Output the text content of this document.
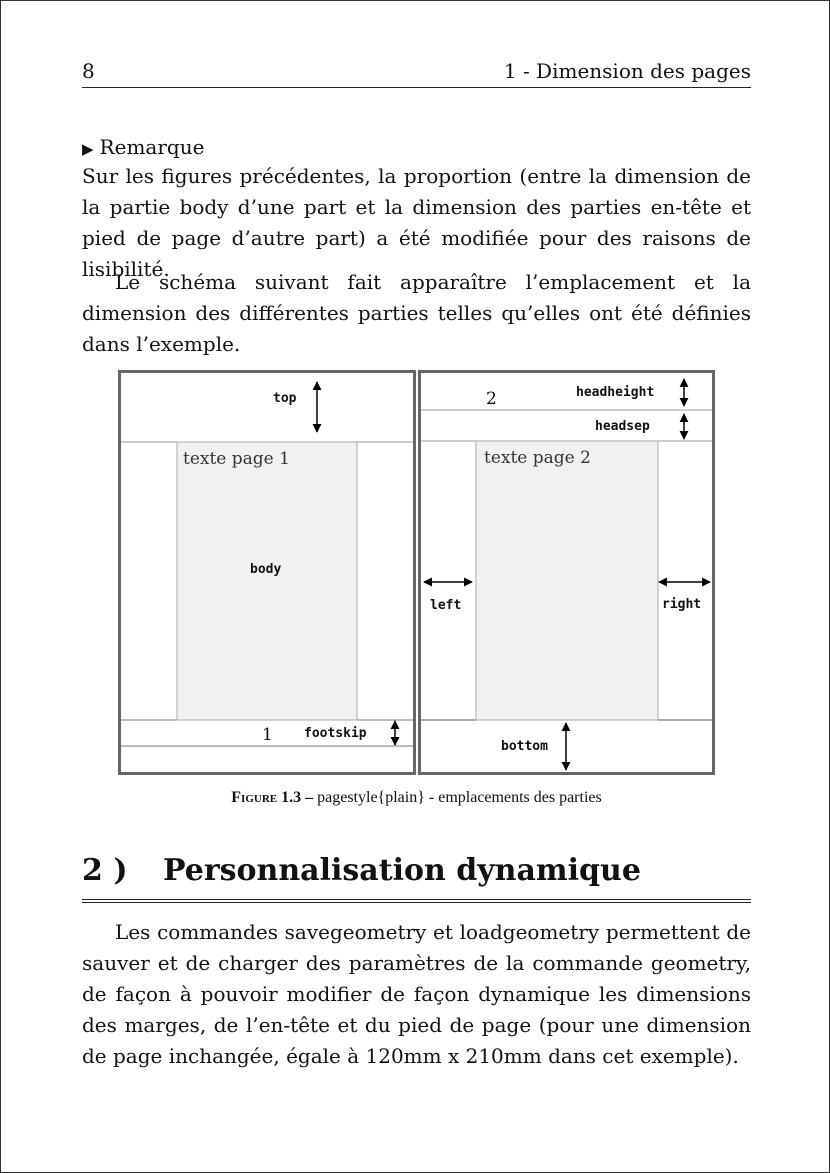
8	1 - Dimension des pages
▶ Remarque
Sur les figures précédentes, la proportion (entre la dimension de la partie body d’une part et la dimension des parties en-tête et pied de page d’autre part) a été modifiée pour des raisons de lisibilité.
Le schéma suivant fait apparaître l’emplacement et la dimension des différentes parties telles qu’elles ont été définies dans l’exemple.
top
texte page 1
body
1 footskip
2	headheight
headsep
texte page 2
left	right
bottom
Figure 1.3 – pagestyle{plain} - emplacements des parties
2 ) Personnalisation dynamique
Les commandes savegeometry et loadgeometry permettent de sauver et de charger des paramètres de la commande geometry, de façon à pouvoir modifier de façon dynamique les dimensions des marges, de l’en-tête et du pied de page (pour une dimension de page inchangée, égale à 120mm x 210mm dans cet exemple).
